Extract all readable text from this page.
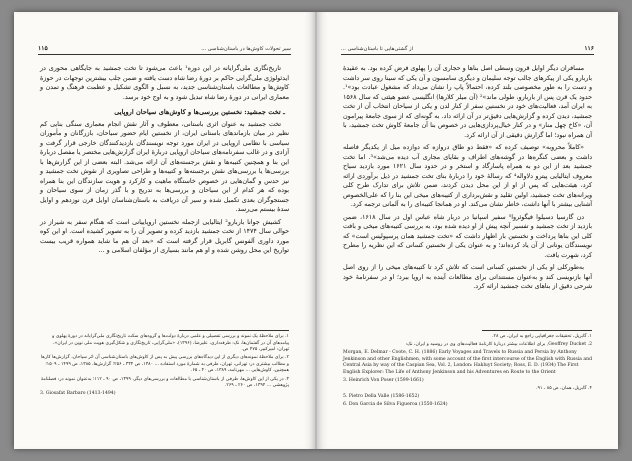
سیر تحولات کاوش‌ها در باستان‌شناسی ...
۱۱۵

تاریخ‌نگاری ملی‌گرایانه در این دوره¹ باعث می‌شود تا تخت جمشید به جایگاهی محوری در ایدئولوژی ملی‌گرایی حاکم بر دورهٔ رضا شاه دست یافته و ضمن جلب بیشترین توجهات در حوزهٔ کاوش‌ها و مطالعات باستان‌شناسی جدید، به نسبل و الگوی تشکیل و عظمت فرهنگ و تمدن و معماری ایرانی در دورهٔ رضا شاه تبدیل شود و به اوج خود برسد.

ـ تخت جمشید: نخستین بررسی‌ها و کاوش‌های سیاحان اروپایی

تخت جمشید به عنوان اثری باستانی، معطوف و آثار نقش انجام معماری سنگی بنایی کم نظیر در میان بازماندهای باستانی ایران، از نخستین ایام حضور سیاحان، بازرگانان و مأموران سیاسی با نظامی اروپایی در ایران مورد توجه نویسندگان بازدیدکنندگان خارجی قرار گرفت و آزادی و در غالب سفرنامه‌های سیاحان اروپایی دربارهٔ ایران گزارش‌هایی مختصر یا مفصل دربارهٔ این بنا و همچنین کتیبه‌ها و نقش برجسته‌های آن ارائه می‌شد. البته بعضی از این گزارش‌ها با بررسی‌ها یا بررسی‌های نقش برجسته‌ها و کتیبه‌ها و طراحی تصاویری از نقوش تخت جمشید و نیز حدس و گمان‌هایی در خصوص خاستگاه ماهیت و کارکرد و هویت سازندگان این بنا همراه بوده که هر کدام از این سیاحان و بررسی‌ها به تدریج و با گذر زمان از سوی سیاحان و جستجوگران بعدی تکمیل شده و سیر آن دریافت به باستان‌شناسان اوایل قرن نوزدهم و اوایل سدهٔ بیستم می‌رسد.

کشیش جوانا باربارو² ایتالیایی ازجمله نخستین اروپاییانی است که هنگام سفر به شیراز در حوالی سال ۱۴۷۴ از تخت جمشید بازدید کرده و تصویر آن را به تصویر کشیده است. او این کوه مورد داوری آلفونس گابریل قرار گرفته است که «بعد آن هم ما شاید همواره قریب بیست تواریخ این محل روشن شده و او هم مانند بسیاری از مؤلفان اسلامی و ...

۱. برای ملاحظهٔ یک نمونه و بررسی تفصیلی و علمی دربارهٔ دولت‌ها و گروه‌های سکت تاریخ‌نگاری ملی‌گرایانه در دورهٔ پهلوی و پیامدهای آن در گفتمان‌ها، نک: طرفه‌داری، علیرضا، (۱۳۹۶)، «ملی‌گرایی، تاریخ‌نگاری و شکل‌گیری هویت ملی نوین در ایران»، تهران: امیرکبیر، ۴۷۵ ص.
۲. برای ملاحظهٔ نمونه‌های دیگری از این دیدگاه‌های بررسی پیش به پس از کاوش‌های باستان‌شناسی آن اثر سیاحان، گزارش‌ها کارها و مطالب بیشتری در: تهرانی، تهران، طرفی به شمارهٔ مورد استفاده ... ۱۳۸۰، ص ۳۳۴ ـ ۲۵۶؛ گزارش‌ها، ۱۳۸۵، ص ۱۴۹۹ ـ ۱۵۰۹؛ همچنین، کاوش‌هایی ... مهرنامه، ۱۳۸۹، ص ۴۰ ـ ۶۵.
۳. در یکی از این کاوش‌ها، طرفی از باستان‌شناسی با مطالعات و بررسی‌های دیگر، ۱۳۹۹، ص ۹۰ ـ ۱۱۲؛ به‌عنوان نمونه در: فصلنامهٔ پژوهشی ... ۱۳۹۴، ص ۲۶۰ ـ ۲۶۹.
3. Giosafat Barbaro (1413-1494)
۱۱۶
از گشتی‌هایی تا باستان‌شناسی ...

مسافران دیگر اوایل قرون وسطی اصل بناها و حجاری آن را پهلوی فرض کرده بود. به عقیدهٔ باربارو یکی از پیکرهای جالب توجه سلیمان و دیگری سامسون و آن یکی که سینا روی سر داشت و دست را به طور مخصوصی بلند کرده، احتمالاً پاپ را نشان می‌داد که مشغول عبادت بود»¹. حدود یک قرن پس از باربارو، طولی ماند»² (آن میلر کلارها) انگلیسی عضو هیئتی که سال ۱۵۶۸ به ایران آمد، فعالیت‌های خود در نخستین سفر از کنار لدن و یکی از سیاحان انتخاب آن از تخت جمشید، دیدن کرده و گزارش‌هایی دقیق‌تر در آن ارائه داد. به گونه‌ای که از سوی جامعهٔ پیرامون آن، «کاخ چهل منار» و در کنار خیال‌پردازی‌هایی در خصوص بنا آن جامعهٔ کاوش تخت جمشید، با آن همراه نبود؛ اما گزارش دقیقی از آن ارائه کرد.

«کاملاً محروبه» توصیف کرده که «فقط دو طاق دروازه که دوازده میل از یکدیگر فاصله داشت و بعضی کنگره‌ها در گوشه‌های اطراف و بقایای مجاری آب دیده می‌شد»³. اما تخت جمشید بعد از این دو به همراه پاسارگاد و استخر و در حدود سال ۱۶۲۱ مورد بازدید سیاح معروف ایتالیایی پیترو دلاواله⁴ که رسالهٔ خود را دربارهٔ بنای تخت جمشید در ذیل برآوردی ارائه کرد، هیئت‌هایی که پس از او از این محل دیدن کردند، ضمن تلاش برای تدارک طرح کلی ویرانه‌های تخت جمشید، اولین تقلید و نقش‌برداری از کتیبه‌های میخی این بنا را که علی‌الخصوص آشنایی بیشتر با آنها داشت، خاطر نشان می‌کند. او در همانجا کتیبه‌ای را به آلمانی ترجمه کرد.

دن گارسیا دسیلوا فیگوئروا⁵ سفیر اسپانیا در دربار شاه عباس اول در سال ۱۶۱۸، ضمن بازدید از تخت جمشید و تفسیر آنچه پیش از او دیده شده بود، به بررسی کتیبه‌های میخی و بافت کلی این بناها پرداخت و نخستین بار اظهار داشت که «تخت جمشید همان پرسپولیس است» که نویسندگان یونانی از آن یاد کرده‌اند؛ و به عنوان یکی از نخستین کسانی که این نظریه را مطرح کرد، شهرت یافت.

به‌طورکلی او یکی از نخستین کسانی است که تلاش کرد تا کتیبه‌های میخی را از روی اصل آنها بازنویسی کند و به‌عنوان مستنداتی برای مطالعات آینده به اروپا ببرد؛ او در سفرنامهٔ خود شرحی دقیق از بناهای تخت جمشید ارائه کرد.

۱. گابریل، تحقیقات جغرافیایی راجع به ایران، ص ۲۸.
2. Geoffrey Ducket, برای اطلاعات بیشتر دربارهٔ کارنامهٔ فعالیت‌های وی در روسیه و ایران، نک:
Morgan, E. Delmar - Coote, C. H. (1886) Early Voyages and Travels to Russia and Persia by Anthony Jenkinson and other Englishmen, with some account of the first intercourse of the English with Russia and Central Asia by way of the Caspian Sea, Vol. 2, London: Hakluyt Society; Ross, E. D. (1934) The First English Explorer: The Life of Anthony Jenkinson and his Adventures en Route to the Orient
3. Heinrich Von Poser (1599-1661)
۴. گابریل، همان، ص ۸۵ ـ ۹۱.
5. Pietro Della Valle (1586-1652)
6. Don Garcia de Silva Figueroa (1550-1624)
